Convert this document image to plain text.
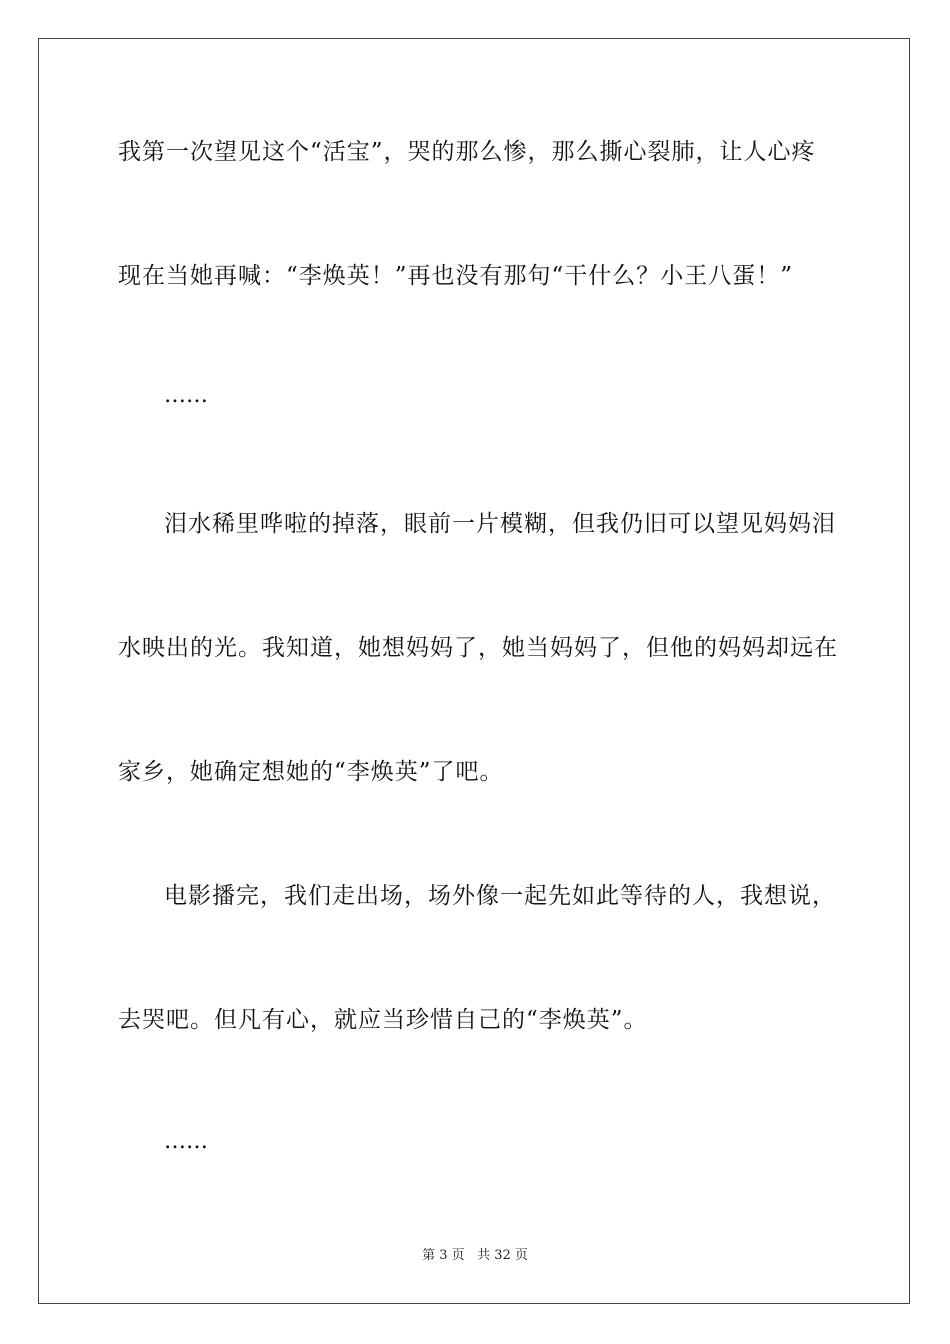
我第一次望见这个“活宝”，哭的那么惨，那么撕心裂肺，让人心疼
现在当她再喊：“李焕英！”再也没有那句“干什么？小王八蛋！”
……
泪水稀里哗啦的掉落，眼前一片模糊，但我仍旧可以望见妈妈泪
水映出的光。我知道，她想妈妈了，她当妈妈了，但他的妈妈却远在
家乡，她确定想她的“李焕英”了吧。
电影播完，我们走出场，场外像一起先如此等待的人，我想说，
去哭吧。但凡有心，就应当珍惜自己的“李焕英”。
……
第 3 页 共 32 页
